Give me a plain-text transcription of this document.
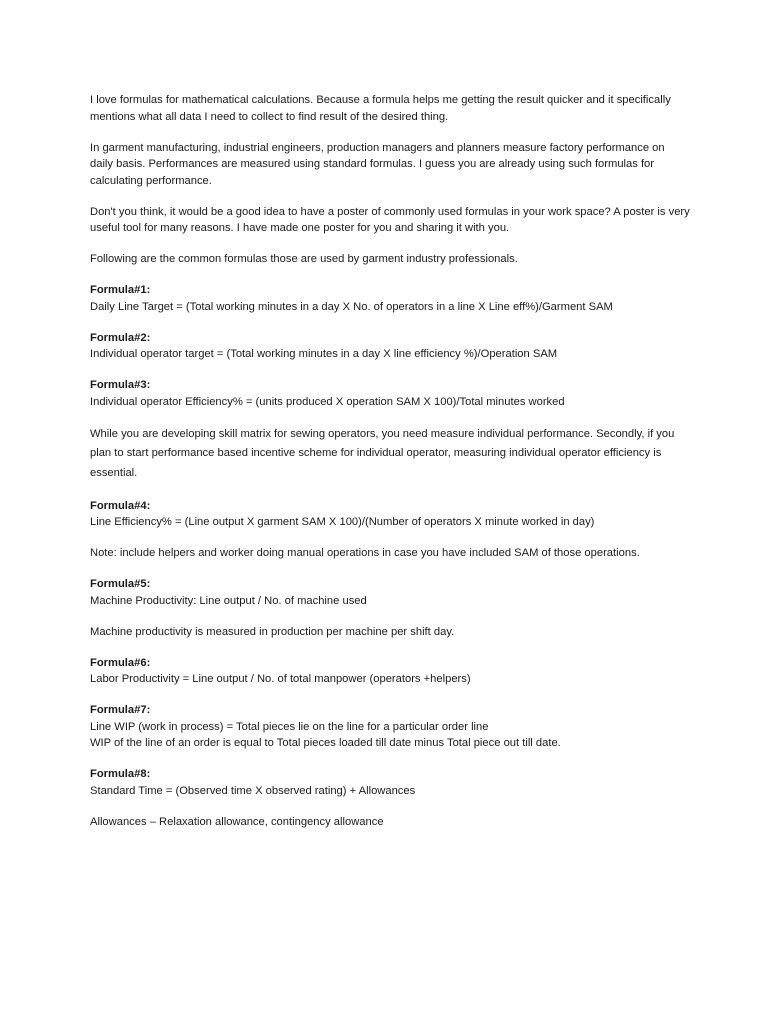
I love formulas for mathematical calculations. Because a formula helps me getting the result quicker and it specifically mentions what all data I need to collect to find result of the desired thing.

In garment manufacturing, industrial engineers, production managers and planners measure factory performance on daily basis. Performances are measured using standard formulas. I guess you are already using such formulas for calculating performance.

Don't you think, it would be a good idea to have a poster of commonly used formulas in your work space? A poster is very useful tool for many reasons. I have made one poster for you and sharing it with you.

Following are the common formulas those are used by garment industry professionals.

Formula#1:
Daily Line Target = (Total working minutes in a day X No. of operators in a line X Line eff%)/Garment SAM
Formula#2:
Individual operator target = (Total working minutes in a day X line efficiency %)/Operation SAM
Formula#3:
Individual operator Efficiency% = (units produced X operation SAM X 100)/Total minutes worked

While you are developing skill matrix for sewing operators, you need measure individual performance. Secondly, if you plan to start performance based incentive scheme for individual operator, measuring individual operator efficiency is essential.

Formula#4:
Line Efficiency% = (Line output X garment SAM X 100)/(Number of operators X minute worked in day)

Note: include helpers and worker doing manual operations in case you have included SAM of those operations.

Formula#5:
Machine Productivity: Line output / No. of machine used

Machine productivity is measured in production per machine per shift day.

Formula#6:
Labor Productivity = Line output / No. of total manpower (operators +helpers)
Formula#7:
Line WIP (work in process) = Total pieces lie on the line for a particular order line
WIP of the line of an order is equal to Total pieces loaded till date minus Total piece out till date.
Formula#8:
Standard Time = (Observed time X observed rating) + Allowances

Allowances – Relaxation allowance, contingency allowance
